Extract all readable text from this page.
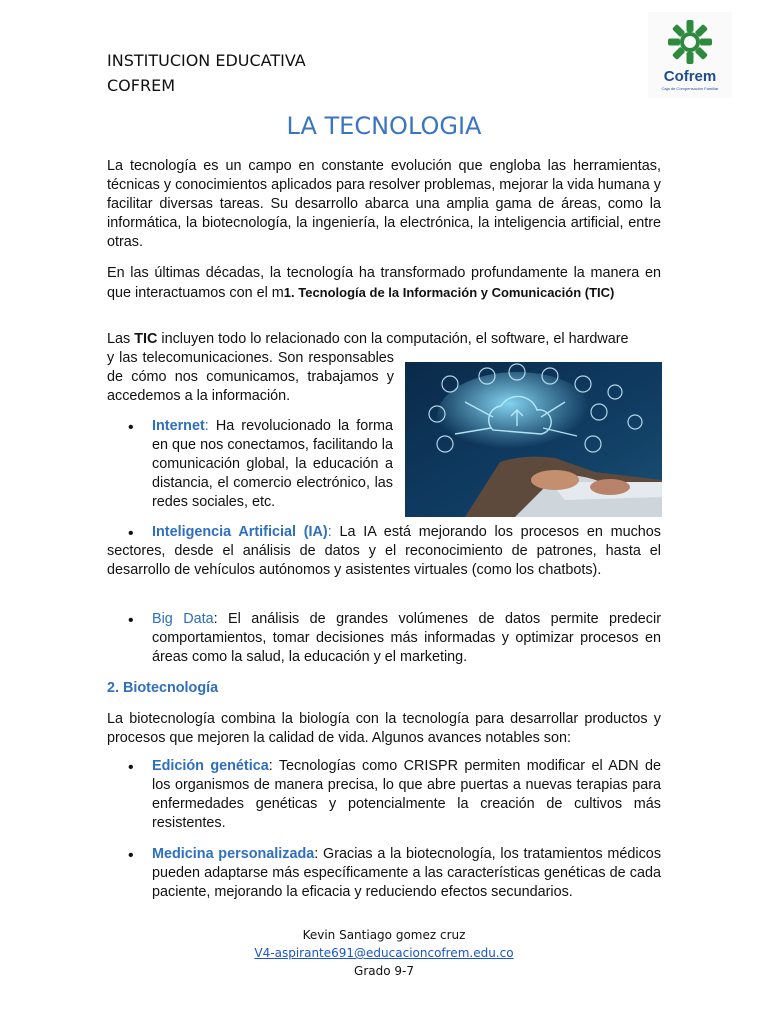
INSTITUCION EDUCATIVA
COFREM	Cofrem
Caja de Compensación Familiar
LA TECNOLOGIA

La tecnología es un campo en constante evolución que engloba las herramientas, técnicas y conocimientos aplicados para resolver problemas, mejorar la vida humana y facilitar diversas tareas. Su desarrollo abarca una amplia gama de áreas, como la informática, la biotecnología, la ingeniería, la electrónica, la inteligencia artificial, entre otras.

En las últimas décadas, la tecnología ha transformado profundamente la manera en que interactuamos con el m1. Tecnología de la Información y Comunicación (TIC)

Las TIC incluyen todo lo relacionado con la computación, el software, el hardware

y las telecomunicaciones. Son responsables de cómo nos comunicamos, trabajamos y accedemos a la información.

• Internet: Ha revolucionado la forma en que nos conectamos, facilitando la comunicación global, la educación a distancia, el comercio electrónico, las redes sociales, etc.

•	Inteligencia Artificial (IA): La IA está mejorando los procesos en muchos sectores, desde el análisis de datos y el reconocimiento de patrones, hasta el desarrollo de vehículos autónomos y asistentes virtuales (como los chatbots).

• Big Data: El análisis de grandes volúmenes de datos permite predecir comportamientos, tomar decisiones más informadas y optimizar procesos en áreas como la salud, la educación y el marketing.

2. Biotecnología

La biotecnología combina la biología con la tecnología para desarrollar productos y procesos que mejoren la calidad de vida. Algunos avances notables son:

• Edición genética: Tecnologías como CRISPR permiten modificar el ADN de los organismos de manera precisa, lo que abre puertas a nuevas terapias para enfermedades genéticas y potencialmente la creación de cultivos más resistentes.

• Medicina personalizada: Gracias a la biotecnología, los tratamientos médicos pueden adaptarse más específicamente a las características genéticas de cada paciente, mejorando la eficacia y reduciendo efectos secundarios.

Kevin Santiago gomez cruz
V4-aspirante691@educacioncofrem.edu.co
Grado 9-7
